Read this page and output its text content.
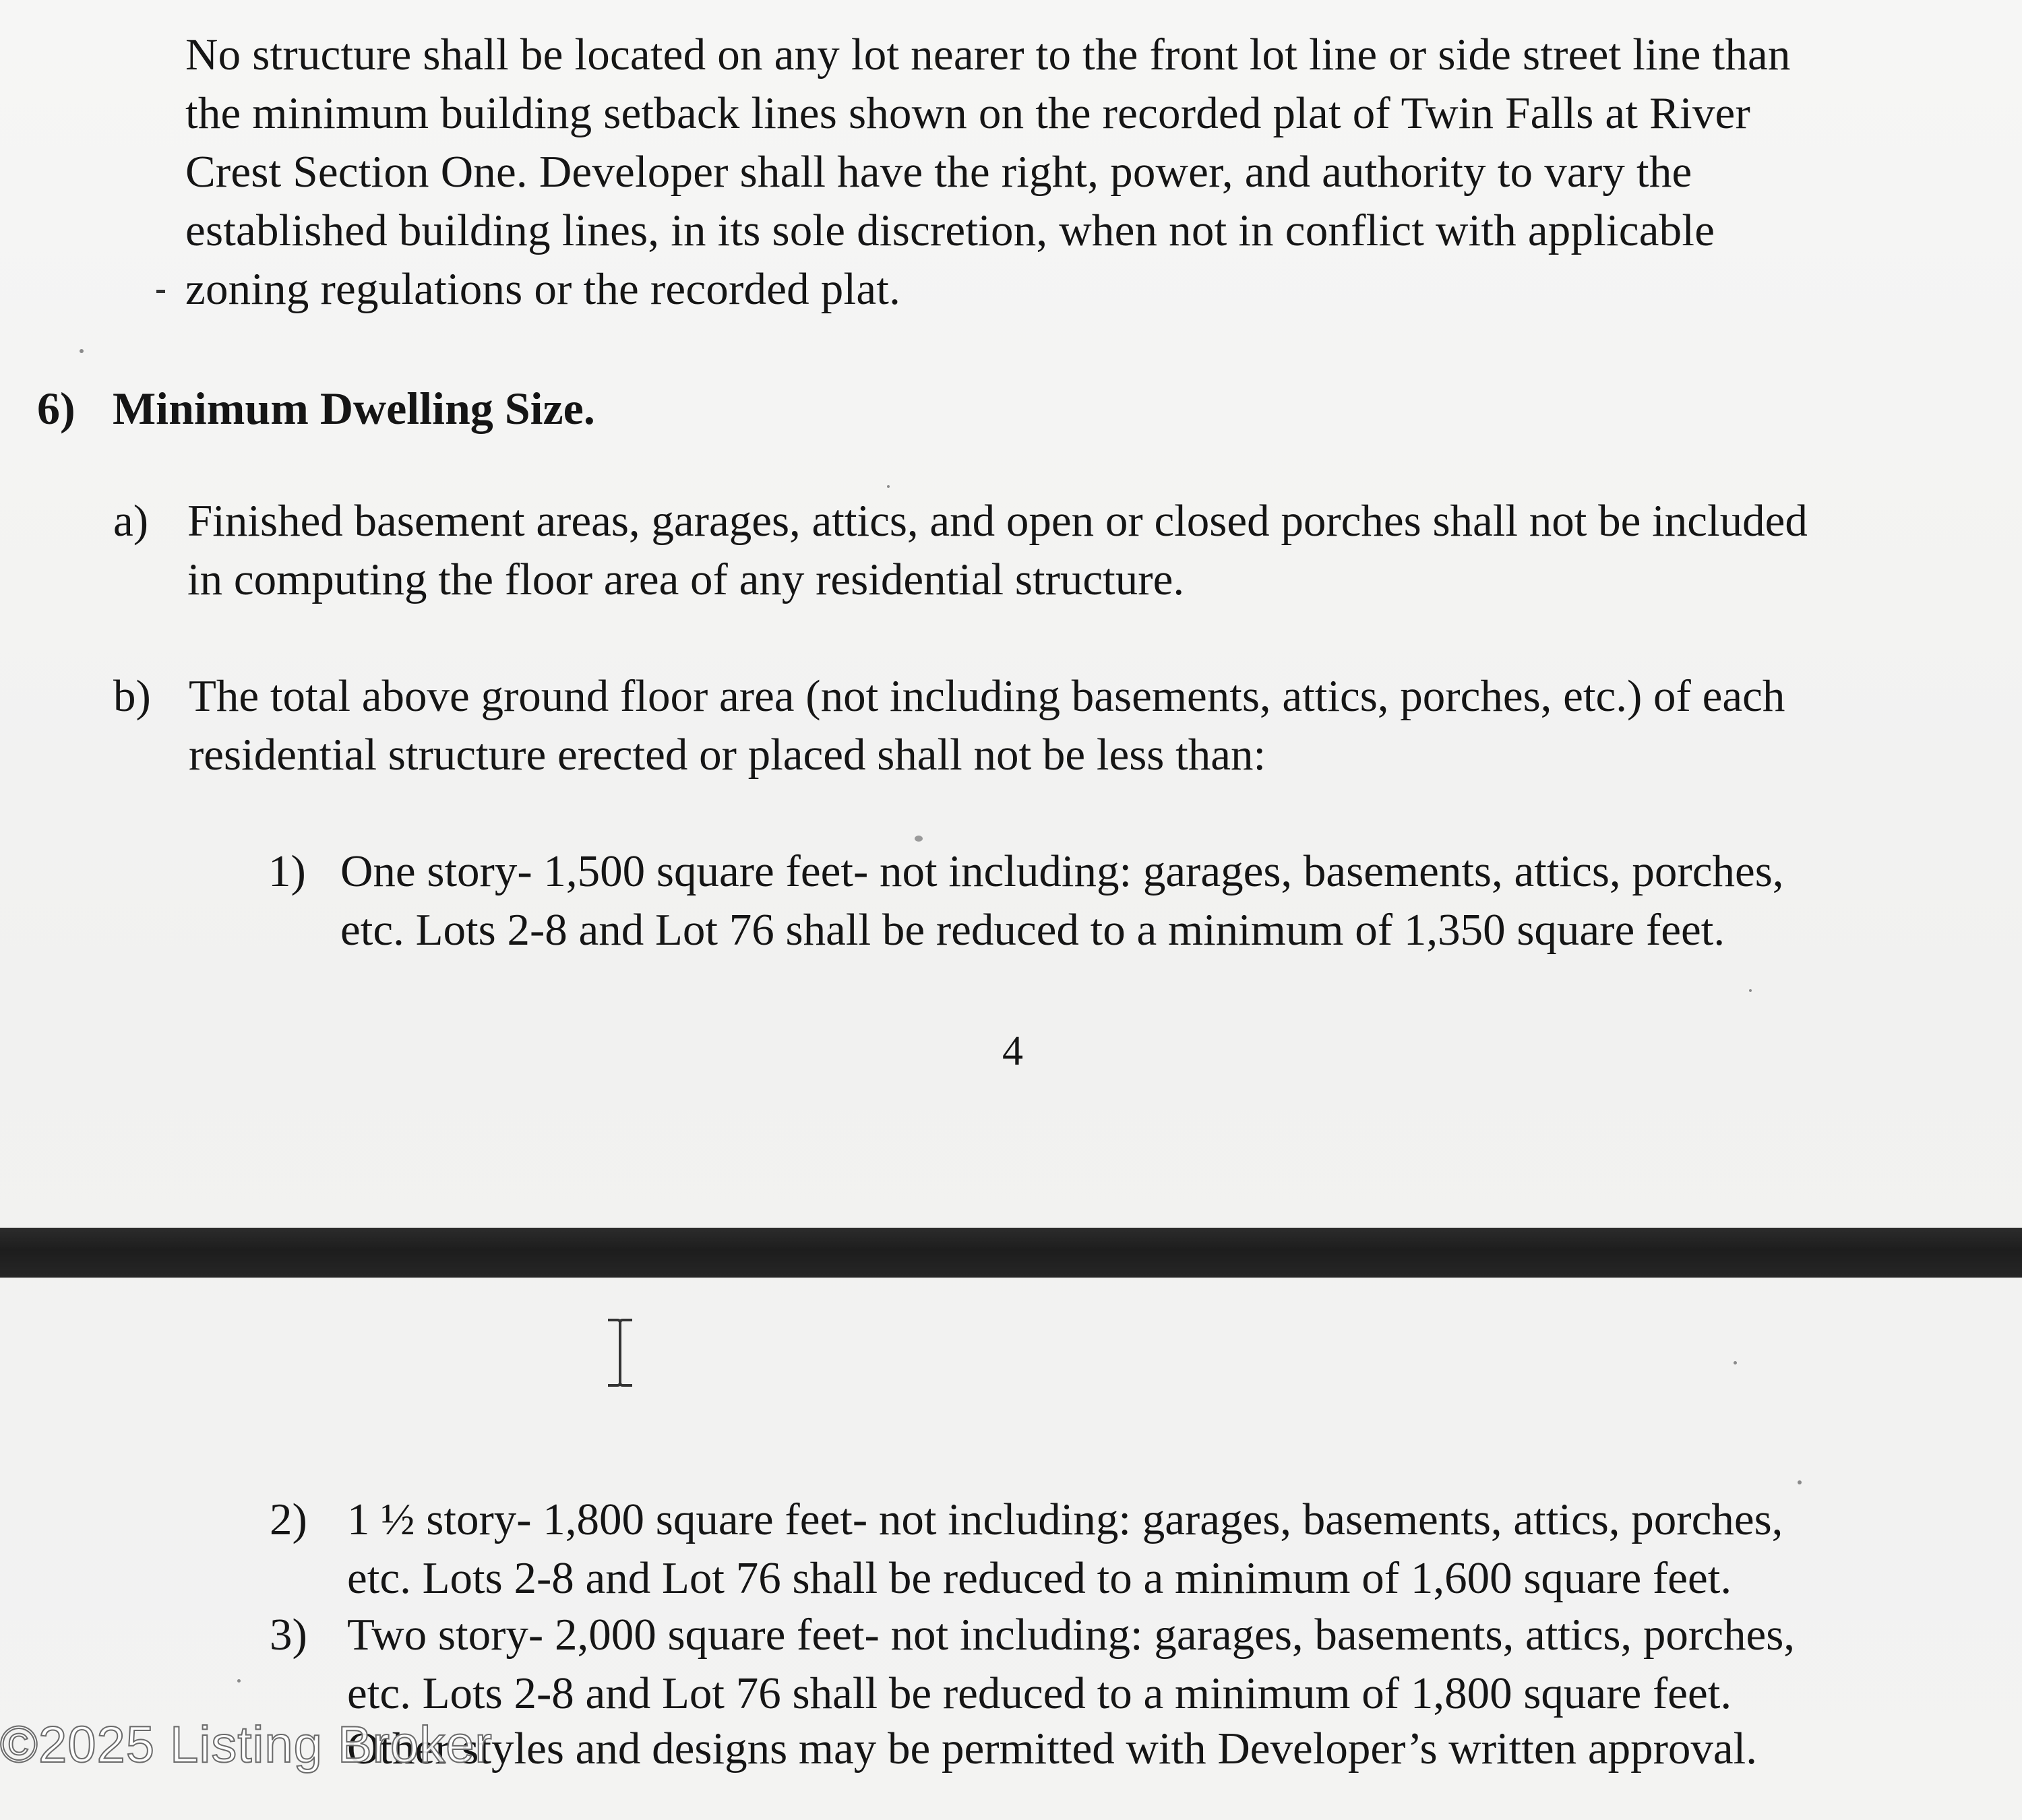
No structure shall be located on any lot nearer to the front lot line or side street line than
the minimum building setback lines shown on the recorded plat of Twin Falls at River
Crest Section One. Developer shall have the right, power, and authority to vary the
established building lines, in its sole discretion, when not in conflict with applicable
zoning regulations or the recorded plat.
6) Minimum Dwelling Size.
a) Finished basement areas, garages, attics, and open or closed porches shall not be included
in computing the floor area of any residential structure.
b) The total above ground floor area (not including basements, attics, porches, etc.) of each
residential structure erected or placed shall not be less than:
1) One story- 1,500 square feet- not including: garages, basements, attics, porches,
etc. Lots 2-8 and Lot 76 shall be reduced to a minimum of 1,350 square feet.
4
2) 1 ½ story- 1,800 square feet- not including: garages, basements, attics, porches,
etc. Lots 2-8 and Lot 76 shall be reduced to a minimum of 1,600 square feet.
3) Two story- 2,000 square feet- not including: garages, basements, attics, porches,
etc. Lots 2-8 and Lot 76 shall be reduced to a minimum of 1,800 square feet.
Other styles and designs may be permitted with Developer’s written approval.
©2025 Listing Broker
